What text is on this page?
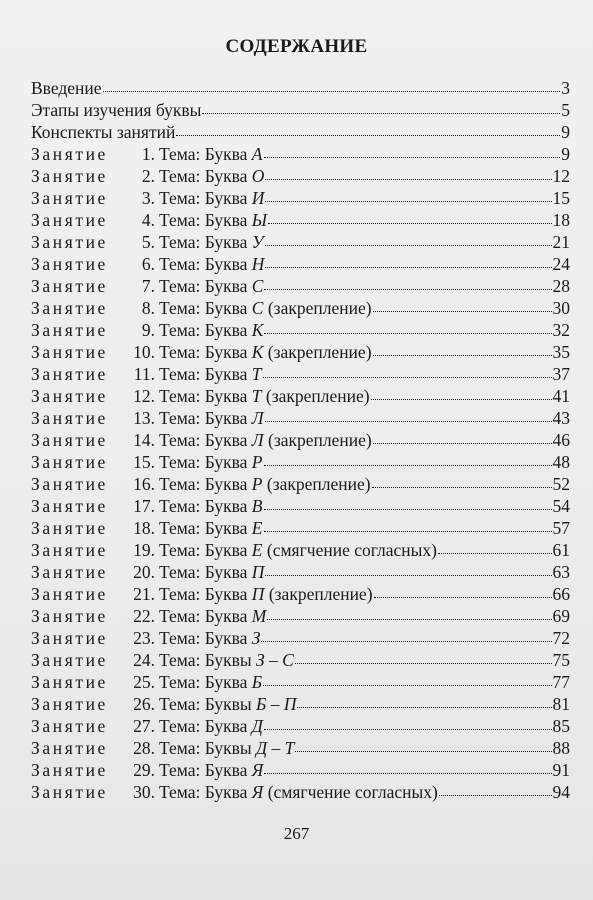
СОДЕРЖАНИЕ
Введение	3
Этапы изучения буквы	5
Конспекты занятий	9
Занятие 1. Тема: Буква А	9
Занятие 2. Тема: Буква О	12
Занятие 3. Тема: Буква И	15
Занятие 4. Тема: Буква Ы	18
Занятие 5. Тема: Буква У	21
Занятие 6. Тема: Буква Н	24
Занятие 7. Тема: Буква С	28
Занятие 8. Тема: Буква С (закрепление)	30
Занятие 9. Тема: Буква К	32
Занятие 10. Тема: Буква К (закрепление)	35
Занятие 11. Тема: Буква Т	37
Занятие 12. Тема: Буква Т (закрепление)	41
Занятие 13. Тема: Буква Л	43
Занятие 14. Тема: Буква Л (закрепление)	46
Занятие 15. Тема: Буква Р	48
Занятие 16. Тема: Буква Р (закрепление)	52
Занятие 17. Тема: Буква В	54
Занятие 18. Тема: Буква Е	57
Занятие 19. Тема: Буква Е (смягчение согласных)	61
Занятие 20. Тема: Буква П	63
Занятие 21. Тема: Буква П (закрепление)	66
Занятие 22. Тема: Буква М	69
Занятие 23. Тема: Буква З	72
Занятие 24. Тема: Буквы З – С	75
Занятие 25. Тема: Буква Б	77
Занятие 26. Тема: Буквы Б – П	81
Занятие 27. Тема: Буква Д	85
Занятие 28. Тема: Буквы Д – Т	88
Занятие 29. Тема: Буква Я	91
Занятие 30. Тема: Буква Я (смягчение согласных)	94
267
